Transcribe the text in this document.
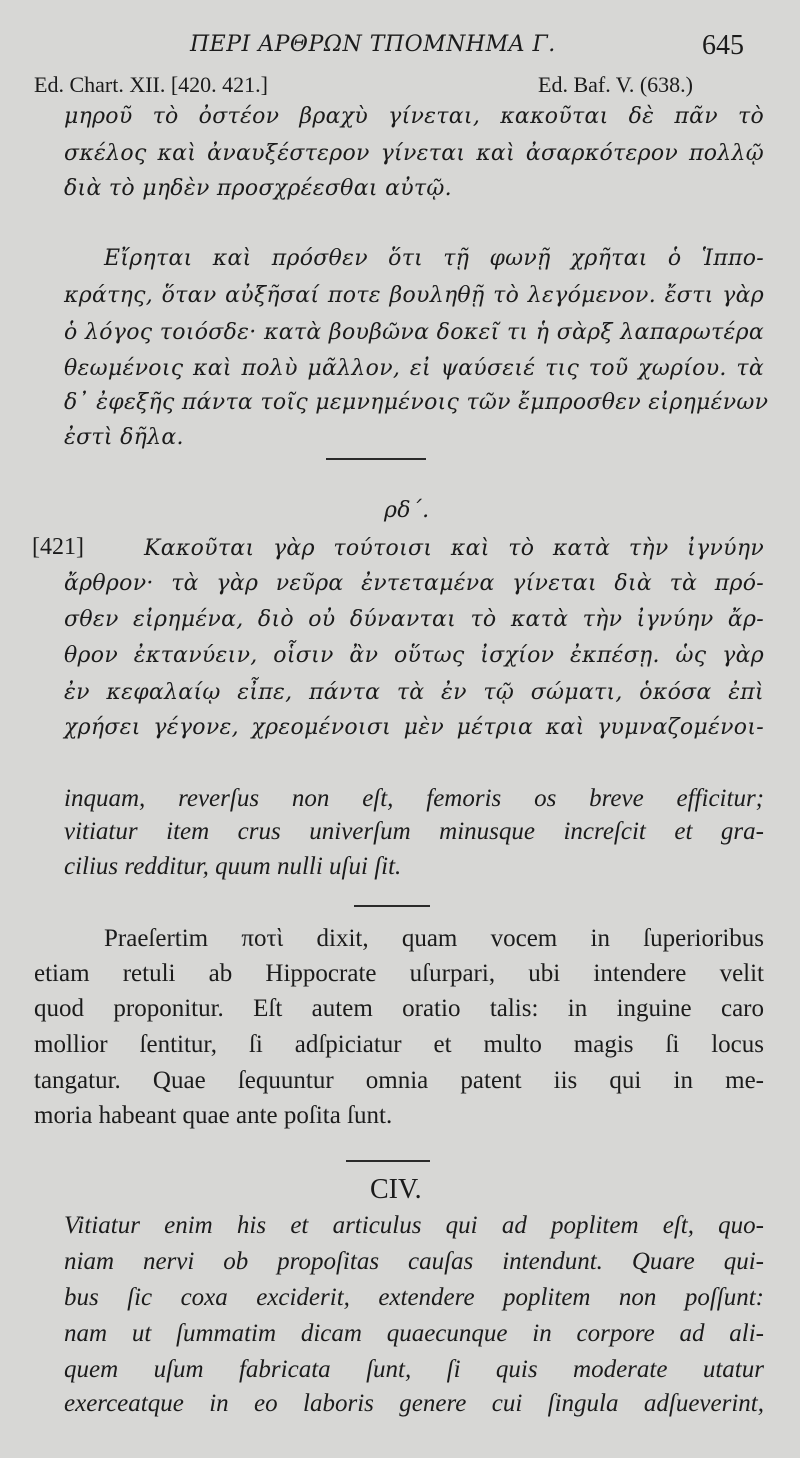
ΠΕΡΙ ΑΡΘΡΩΝ ΤΠΟΜΝΗΜΑ Γ.	645
Ed. Chart. XII. [420. 421.]	Ed. Baf. V. (638.)
μηροῦ τὸ ὀστέον βραχὺ γίνεται, κακοῦται δὲ πᾶν τὸ
σκέλος καὶ ἀναυξέστερον γίνεται καὶ ἀσαρκότερον πολλῷ
διὰ τὸ μηδὲν προσχρέεσθαι αὐτῷ.
Εἴρηται καὶ πρόσθεν ὅτι τῇ φωνῇ χρῆται ὁ Ἱππο-
κράτης, ὅταν αὐξῆσαί ποτε βουληθῇ τὸ λεγόμενον. ἔστι γὰρ
ὁ λόγος τοιόσδε· κατὰ βουβῶνα δοκεῖ τι ἡ σὰρξ λαπαρωτέρα
θεωμένοις καὶ πολὺ μᾶλλον, εἰ ψαύσειέ τις τοῦ χωρίου. τὰ
δ᾽ ἐφεξῆς πάντα τοῖς μεμνημένοις τῶν ἔμπροσθεν εἰρημένων
ἐστὶ δῆλα.
ρδ΄.
[421]	Κακοῦται γὰρ τούτοισι καὶ τὸ κατὰ τὴν ἰγνύην
ἄρθρον· τὰ γὰρ νεῦρα ἐντεταμένα γίνεται διὰ τὰ πρό-
σθεν εἰρημένα, διὸ οὐ δύνανται τὸ κατὰ τὴν ἰγνύην ἄρ-
θρον ἐκτανύειν, οἷσιν ἂν οὕτως ἰσχίον ἐκπέσῃ. ὡς γὰρ
ἐν κεφαλαίῳ εἶπε, πάντα τὰ ἐν τῷ σώματι, ὁκόσα ἐπὶ
χρήσει γέγονε, χρεομένοισι μὲν μέτρια καὶ γυμναζομένοι-
inquam, reverſus non eſt, femoris os breve efficitur;
vitiatur item crus univerſum minusque increſcit et gra-
cilius redditur, quum nulli uſui ſit.
Praeſertim ποτὶ dixit, quam vocem in ſuperioribus
etiam retuli ab Hippocrate uſurpari, ubi intendere velit
quod proponitur. Eſt autem oratio talis: in inguine caro
mollior ſentitur, ſi adſpiciatur et multo magis ſi locus
tangatur. Quae ſequuntur omnia patent iis qui in me-
moria habeant quae ante poſita ſunt.
CIV.
Vitiatur enim his et articulus qui ad poplitem eſt, quo-
niam nervi ob propoſitas cauſas intendunt. Quare qui-
bus ſic coxa exciderit, extendere poplitem non poſſunt:
nam ut ſummatim dicam quaecunque in corpore ad ali-
quem uſum fabricata ſunt, ſi quis moderate utatur
exerceatque in eo laboris genere cui ſingula adſueverint,
